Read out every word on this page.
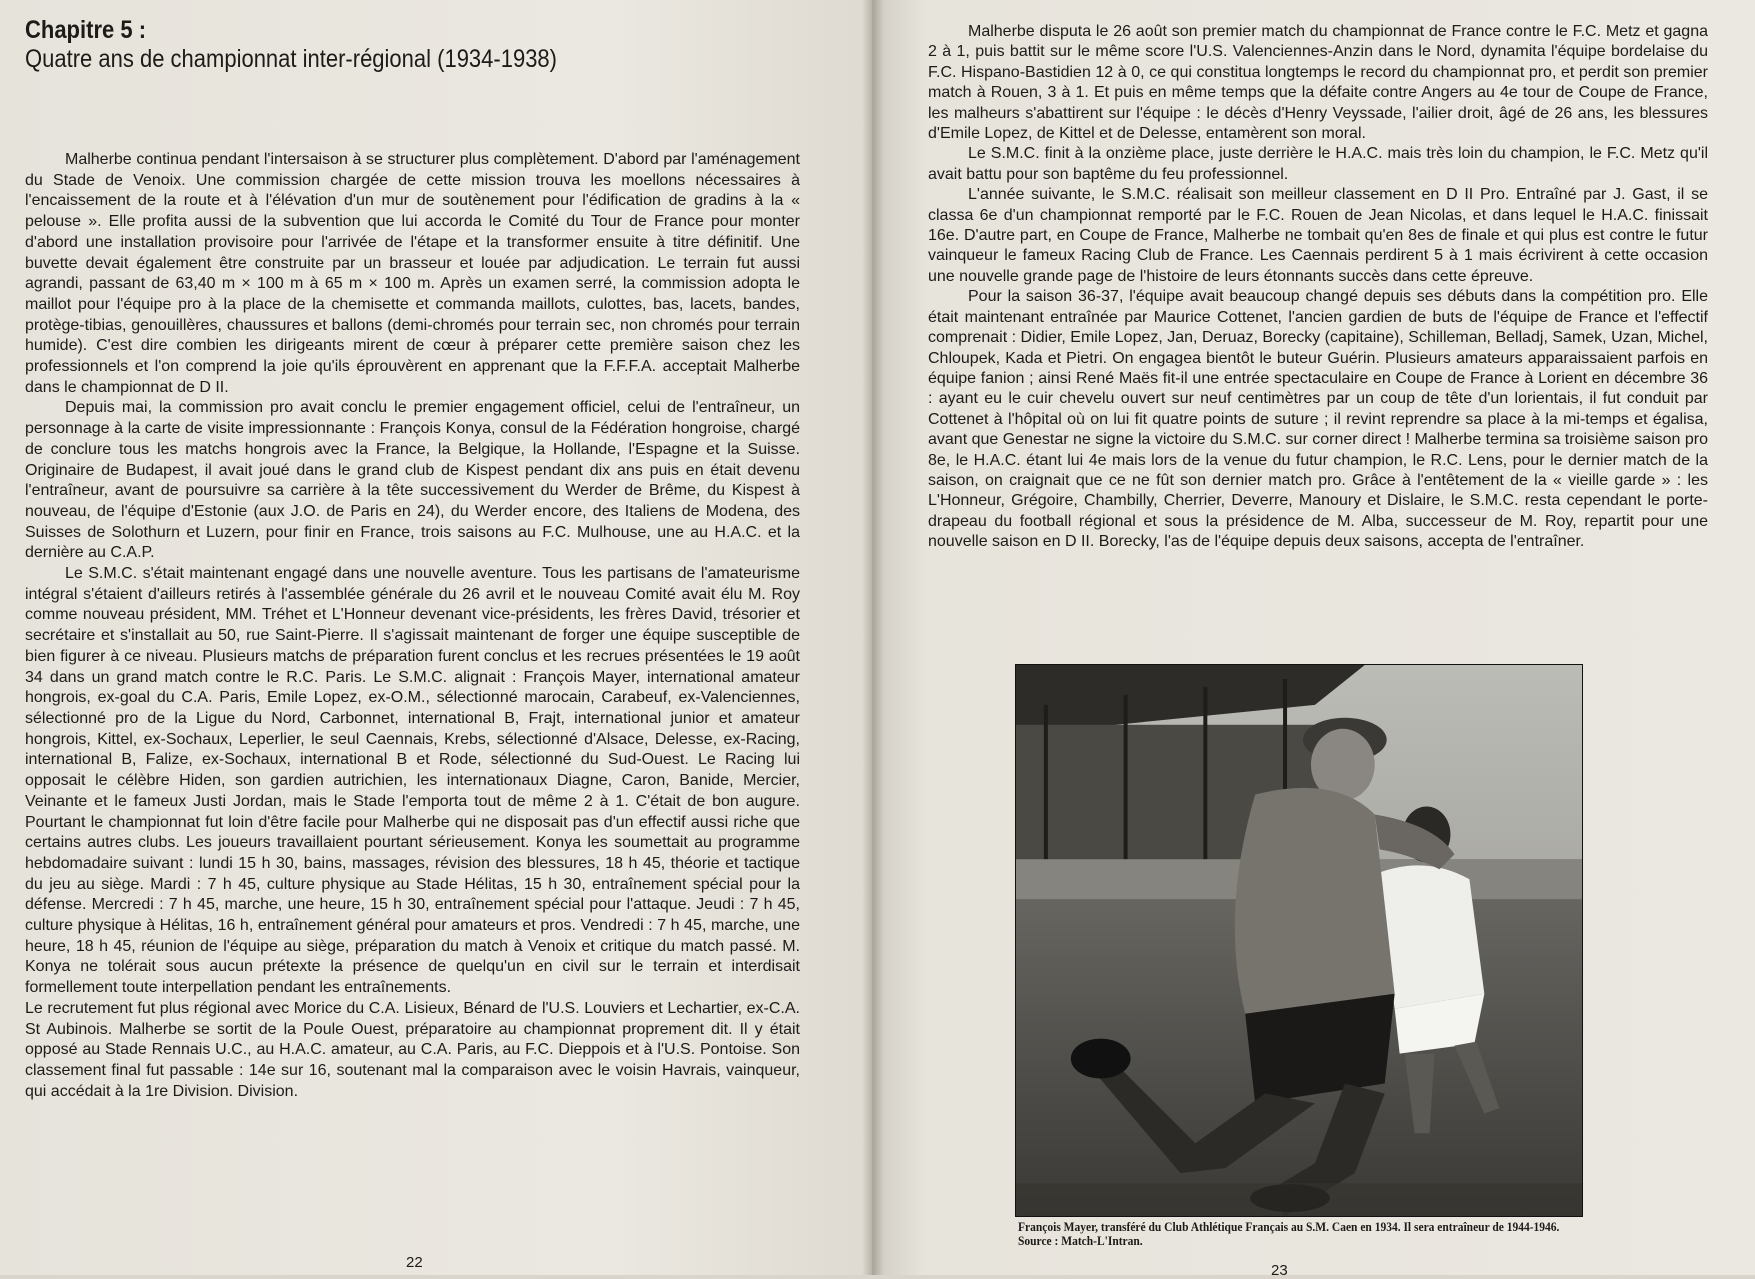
Chapitre 5 :
Quatre ans de championnat inter-régional (1934-1938)

Malherbe continua pendant l'intersaison à se structurer plus complètement. D'abord par l'aménagement du Stade de Venoix. Une commission chargée de cette mission trouva les moellons nécessaires à l'encaissement de la route et à l'élévation d'un mur de soutènement pour l'édification de gradins à la « pelouse ». Elle profita aussi de la subvention que lui accorda le Comité du Tour de France pour monter d'abord une installation provisoire pour l'arrivée de l'étape et la transformer ensuite à titre définitif. Une buvette devait également être construite par un brasseur et louée par adjudication. Le terrain fut aussi agrandi, passant de 63,40 m × 100 m à 65 m × 100 m. Après un examen serré, la commission adopta le maillot pour l'équipe pro à la place de la chemisette et commanda maillots, culottes, bas, lacets, bandes, protège-tibias, genouillères, chaussures et ballons (demi-chromés pour terrain sec, non chromés pour terrain humide). C'est dire combien les dirigeants mirent de cœur à préparer cette première saison chez les professionnels et l'on comprend la joie qu'ils éprouvèrent en apprenant que la F.F.F.A. acceptait Malherbe dans le championnat de D II.

Depuis mai, la commission pro avait conclu le premier engagement officiel, celui de l'entraîneur, un personnage à la carte de visite impressionnante : François Konya, consul de la Fédération hongroise, chargé de conclure tous les matchs hongrois avec la France, la Belgique, la Hollande, l'Espagne et la Suisse. Originaire de Budapest, il avait joué dans le grand club de Kispest pendant dix ans puis en était devenu l'entraîneur, avant de poursuivre sa carrière à la tête successivement du Werder de Brême, du Kispest à nouveau, de l'équipe d'Estonie (aux J.O. de Paris en 24), du Werder encore, des Italiens de Modena, des Suisses de Solothurn et Luzern, pour finir en France, trois saisons au F.C. Mulhouse, une au H.A.C. et la dernière au C.A.P.

Le S.M.C. s'était maintenant engagé dans une nouvelle aventure. Tous les partisans de l'amateurisme intégral s'étaient d'ailleurs retirés à l'assemblée générale du 26 avril et le nouveau Comité avait élu M. Roy comme nouveau président, MM. Tréhet et L'Honneur devenant vice-présidents, les frères David, trésorier et secrétaire et s'installait au 50, rue Saint-Pierre. Il s'agissait maintenant de forger une équipe susceptible de bien figurer à ce niveau. Plusieurs matchs de préparation furent conclus et les recrues présentées le 19 août 34 dans un grand match contre le R.C. Paris. Le S.M.C. alignait : François Mayer, international amateur hongrois, ex-goal du C.A. Paris, Emile Lopez, ex-O.M., sélectionné marocain, Carabeuf, ex-Valenciennes, sélectionné pro de la Ligue du Nord, Carbonnet, international B, Frajt, international junior et amateur hongrois, Kittel, ex-Sochaux, Leperlier, le seul Caennais, Krebs, sélectionné d'Alsace, Delesse, ex-Racing, international B, Falize, ex-Sochaux, international B et Rode, sélectionné du Sud-Ouest. Le Racing lui opposait le célèbre Hiden, son gardien autrichien, les internationaux Diagne, Caron, Banide, Mercier, Veinante et le fameux Justi Jordan, mais le Stade l'emporta tout de même 2 à 1. C'était de bon augure. Pourtant le championnat fut loin d'être facile pour Malherbe qui ne disposait pas d'un effectif aussi riche que certains autres clubs. Les joueurs travaillaient pourtant sérieusement. Konya les soumettait au programme hebdomadaire suivant : lundi 15 h 30, bains, massages, révision des blessures, 18 h 45, théorie et tactique du jeu au siège. Mardi : 7 h 45, culture physique au Stade Hélitas, 15 h 30, entraînement spécial pour la défense. Mercredi : 7 h 45, marche, une heure, 15 h 30, entraînement spécial pour l'attaque. Jeudi : 7 h 45, culture physique à Hélitas, 16 h, entraînement général pour amateurs et pros. Vendredi : 7 h 45, marche, une heure, 18 h 45, réunion de l'équipe au siège, préparation du match à Venoix et critique du match passé. M. Konya ne tolérait sous aucun prétexte la présence de quelqu'un en civil sur le terrain et interdisait formellement toute interpellation pendant les entraînements.

Le recrutement fut plus régional avec Morice du C.A. Lisieux, Bénard de l'U.S. Louviers et Lechartier, ex-C.A. St Aubinois. Malherbe se sortit de la Poule Ouest, préparatoire au championnat proprement dit. Il y était opposé au Stade Rennais U.C., au H.A.C. amateur, au C.A. Paris, au F.C. Dieppois et à l'U.S. Pontoise. Son classement final fut passable : 14e sur 16, soutenant mal la comparaison avec le voisin Havrais, vainqueur, qui accédait à la 1re Division. Division.

22

Malherbe disputa le 26 août son premier match du championnat de France contre le F.C. Metz et gagna 2 à 1, puis battit sur le même score l'U.S. Valenciennes-Anzin dans le Nord, dynamita l'équipe bordelaise du F.C. Hispano-Bastidien 12 à 0, ce qui constitua longtemps le record du championnat pro, et perdit son premier match à Rouen, 3 à 1. Et puis en même temps que la défaite contre Angers au 4e tour de Coupe de France, les malheurs s'abattirent sur l'équipe : le décès d'Henry Veyssade, l'ailier droit, âgé de 26 ans, les blessures d'Emile Lopez, de Kittel et de Delesse, entamèrent son moral.

Le S.M.C. finit à la onzième place, juste derrière le H.A.C. mais très loin du champion, le F.C. Metz qu'il avait battu pour son baptême du feu professionnel.

L'année suivante, le S.M.C. réalisait son meilleur classement en D II Pro. Entraîné par J. Gast, il se classa 6e d'un championnat remporté par le F.C. Rouen de Jean Nicolas, et dans lequel le H.A.C. finissait 16e. D'autre part, en Coupe de France, Malherbe ne tombait qu'en 8es de finale et qui plus est contre le futur vainqueur le fameux Racing Club de France. Les Caennais perdirent 5 à 1 mais écrivirent à cette occasion une nouvelle grande page de l'histoire de leurs étonnants succès dans cette épreuve.

Pour la saison 36-37, l'équipe avait beaucoup changé depuis ses débuts dans la compétition pro. Elle était maintenant entraînée par Maurice Cottenet, l'ancien gardien de buts de l'équipe de France et l'effectif comprenait : Didier, Emile Lopez, Jan, Deruaz, Borecky (capitaine), Schilleman, Belladj, Samek, Uzan, Michel, Chloupek, Kada et Pietri. On engagea bientôt le buteur Guérin. Plusieurs amateurs apparaissaient parfois en équipe fanion ; ainsi René Maës fit-il une entrée spectaculaire en Coupe de France à Lorient en décembre 36 : ayant eu le cuir chevelu ouvert sur neuf centimètres par un coup de tête d'un lorientais, il fut conduit par Cottenet à l'hôpital où on lui fit quatre points de suture ; il revint reprendre sa place à la mi-temps et égalisa, avant que Genestar ne signe la victoire du S.M.C. sur corner direct ! Malherbe termina sa troisième saison pro 8e, le H.A.C. étant lui 4e mais lors de la venue du futur champion, le R.C. Lens, pour le dernier match de la saison, on craignait que ce ne fût son dernier match pro. Grâce à l'entêtement de la « vieille garde » : les L'Honneur, Grégoire, Chambilly, Cherrier, Deverre, Manoury et Dislaire, le S.M.C. resta cependant le porte-drapeau du football régional et sous la présidence de M. Alba, successeur de M. Roy, repartit pour une nouvelle saison en D II. Borecky, l'as de l'équipe depuis deux saisons, accepta de l'entraîner.

François Mayer, transféré du Club Athlétique Français au S.M. Caen en 1934. Il sera entraîneur de 1944-1946.
Source : Match-L'Intran.
23
